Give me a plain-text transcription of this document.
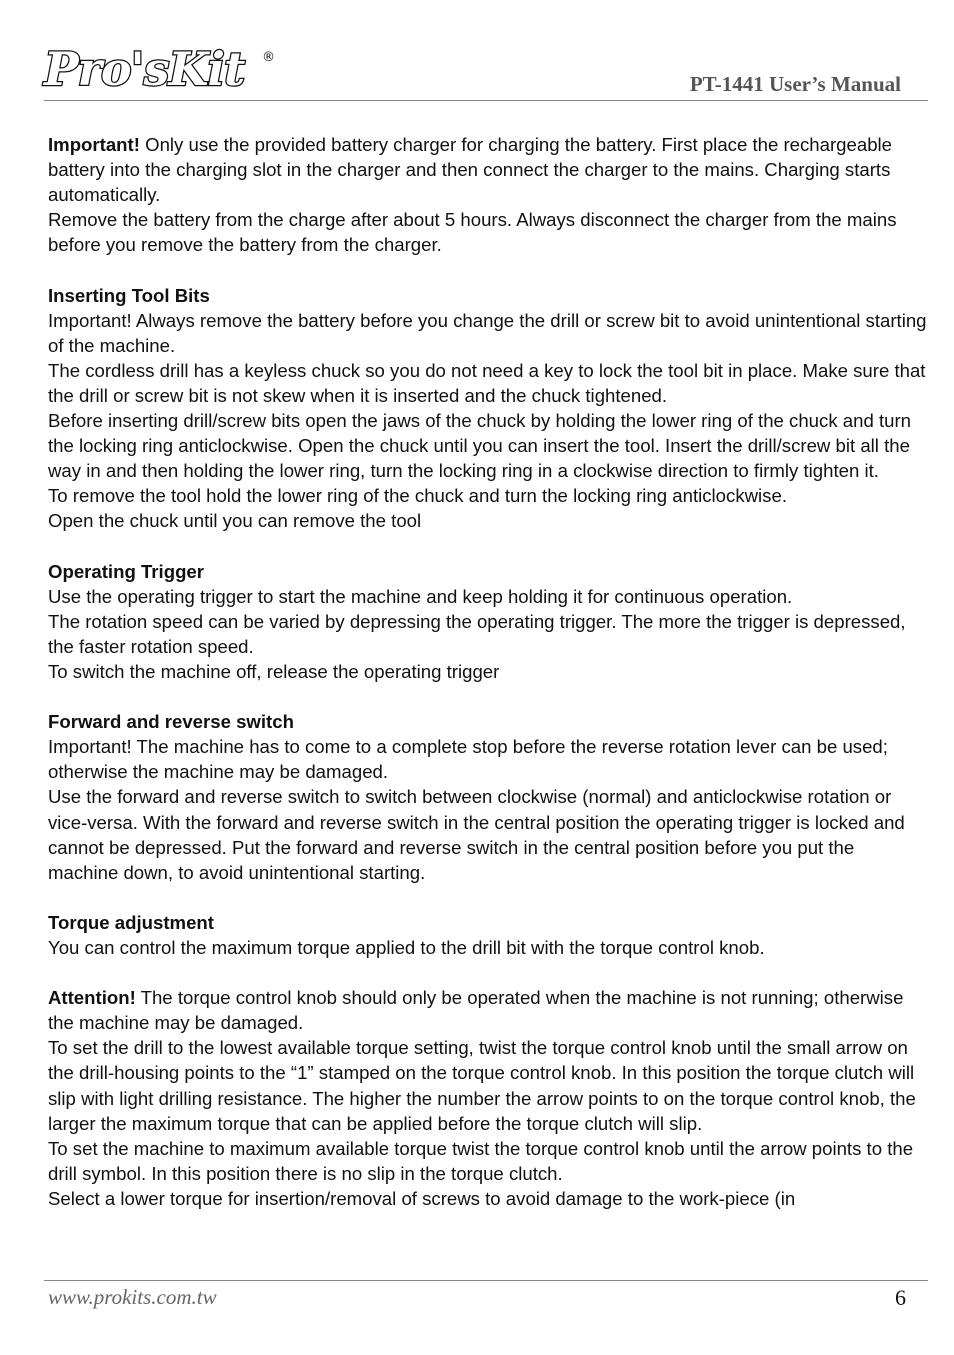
Pro'sKit ®
PT-1441 User’s Manual

Important! Only use the provided battery charger for charging the battery. First place the rechargeable battery into the charging slot in the charger and then connect the charger to the mains. Charging starts automatically.

Remove the battery from the charge after about 5 hours. Always disconnect the charger from the mains before you remove the battery from the charger.

Inserting Tool Bits

Important! Always remove the battery before you change the drill or screw bit to avoid unintentional starting of the machine.

The cordless drill has a keyless chuck so you do not need a key to lock the tool bit in place. Make sure that the drill or screw bit is not skew when it is inserted and the chuck tightened.

Before inserting drill/screw bits open the jaws of the chuck by holding the lower ring of the chuck and turn the locking ring anticlockwise. Open the chuck until you can insert the tool. Insert the drill/screw bit all the way in and then holding the lower ring, turn the locking ring in a clockwise direction to firmly tighten it.

To remove the tool hold the lower ring of the chuck and turn the locking ring anticlockwise.

Open the chuck until you can remove the tool

Operating Trigger

Use the operating trigger to start the machine and keep holding it for continuous operation.

The rotation speed can be varied by depressing the operating trigger. The more the trigger is depressed, the faster rotation speed.

To switch the machine off, release the operating trigger

Forward and reverse switch

Important! The machine has to come to a complete stop before the reverse rotation lever can be used; otherwise the machine may be damaged.

Use the forward and reverse switch to switch between clockwise (normal) and anticlockwise rotation or vice-versa. With the forward and reverse switch in the central position the operating trigger is locked and cannot be depressed. Put the forward and reverse switch in the central position before you put the machine down, to avoid unintentional starting.

Torque adjustment

You can control the maximum torque applied to the drill bit with the torque control knob.

Attention! The torque control knob should only be operated when the machine is not running; otherwise the machine may be damaged.

To set the drill to the lowest available torque setting, twist the torque control knob until the small arrow on the drill-housing points to the “1” stamped on the torque control knob. In this position the torque clutch will slip with light drilling resistance. The higher the number the arrow points to on the torque control knob, the larger the maximum torque that can be applied before the torque clutch will slip.

To set the machine to maximum available torque twist the torque control knob until the arrow points to the drill symbol. In this position there is no slip in the torque clutch.

Select a lower torque for insertion/removal of screws to avoid damage to the work-piece (in

www.prokits.com.tw	6
